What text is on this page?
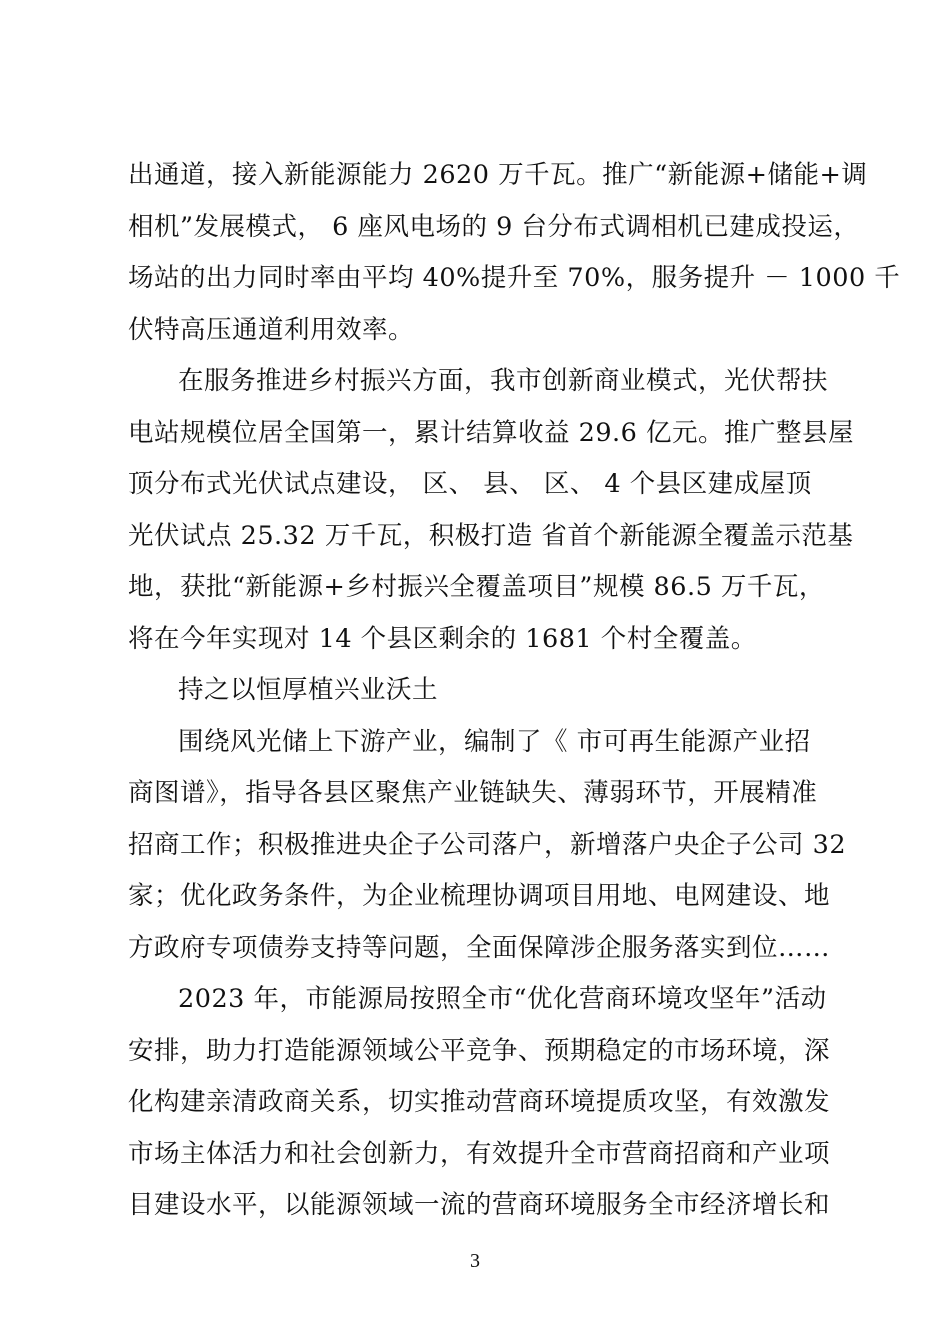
出通道，接入新能源能力 2620 万千瓦。推广“新能源+储能+调
相机”发展模式， 6 座风电场的 9 台分布式调相机已建成投运，
场站的出力同时率由平均 40%提升至 70%，服务提升 － 1000 千
伏特高压通道利用效率。
在服务推进乡村振兴方面，我市创新商业模式，光伏帮扶
电站规模位居全国第一，累计结算收益 29.6 亿元。推广整县屋
顶分布式光伏试点建设， 区、 县、 区、 4 个县区建成屋顶
光伏试点 25.32 万千瓦，积极打造 省首个新能源全覆盖示范基
地，获批“新能源+乡村振兴全覆盖项目”规模 86.5 万千瓦，
将在今年实现对 14 个县区剩余的 1681 个村全覆盖。
持之以恒厚植兴业沃土
围绕风光储上下游产业，编制了《 市可再生能源产业招
商图谱》，指导各县区聚焦产业链缺失、薄弱环节，开展精准
招商工作；积极推进央企子公司落户，新增落户央企子公司 32
家；优化政务条件，为企业梳理协调项目用地、电网建设、地
方政府专项债券支持等问题，全面保障涉企服务落实到位……
2023 年，市能源局按照全市“优化营商环境攻坚年”活动
安排，助力打造能源领域公平竞争、预期稳定的市场环境，深
化构建亲清政商关系，切实推动营商环境提质攻坚，有效激发
市场主体活力和社会创新力，有效提升全市营商招商和产业项
目建设水平，以能源领域一流的营商环境服务全市经济增长和
3
